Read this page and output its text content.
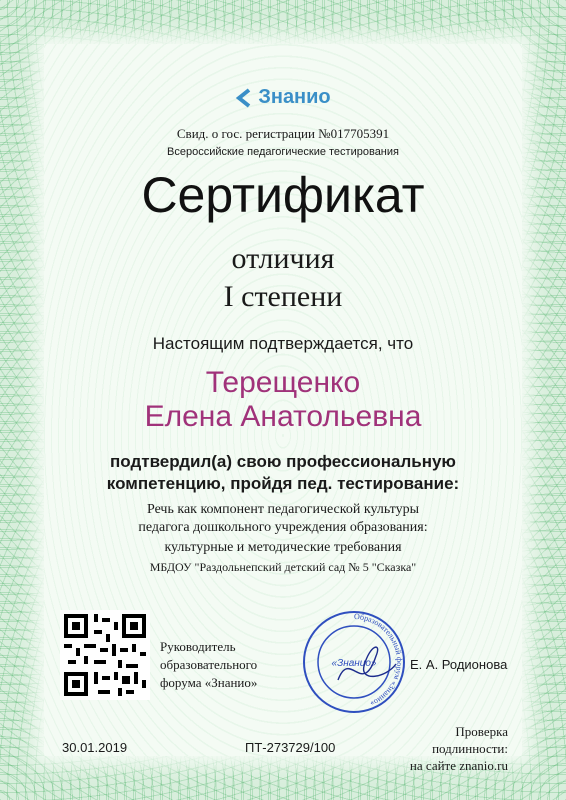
Знанио
Свид. о гос. регистрации №017705391
Всероссийские педагогические тестирования
Сертификат
отличия
I степени
Настоящим подтверждается, что
Терещенко
Елена Анатольевна
подтвердил(а) свою профессиональную
компетенцию, пройдя пед. тестирование:
Речь как компонент педагогической культуры
педагога дошкольного учреждения образования:
культурные и методические требования
МБДОУ "Раздольнепский детский сад № 5 "Сказка"
Руководитель
образовательного
форума «Знанио»
Образовательный форум «Знанио»
«Знанио»	Е. А. Родионова
30.01.2019	ПТ-273729/100
Проверка
подлинности:
на сайте znanio.ru
